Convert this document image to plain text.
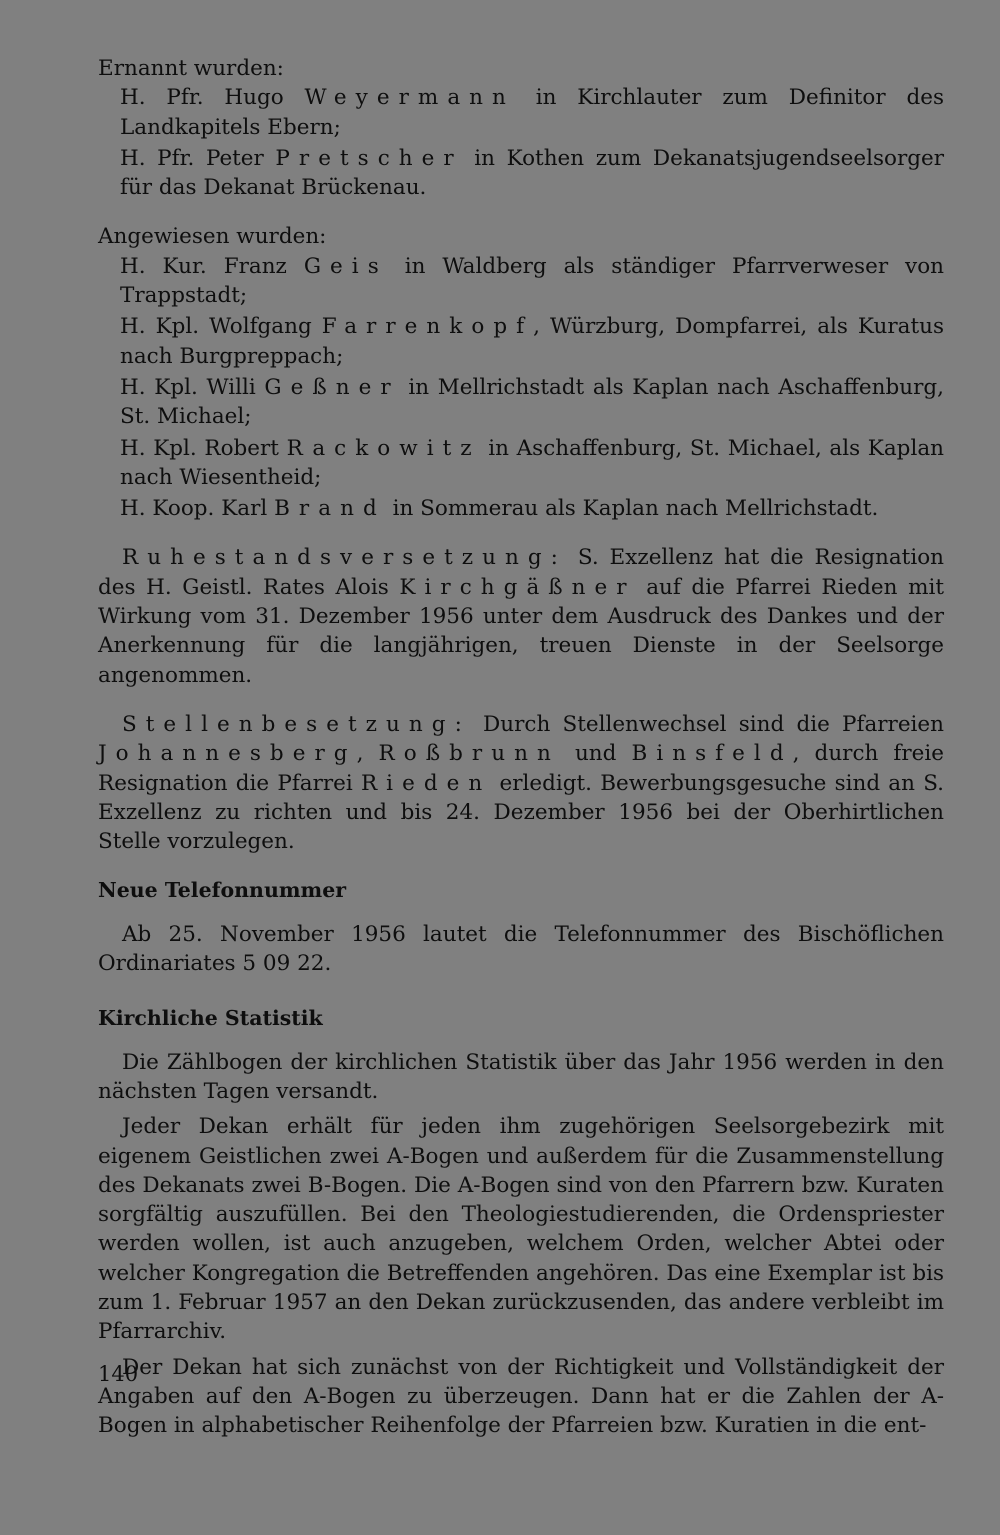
Ernannt wurden:

H. Pfr. Hugo Weyermann in Kirchlauter zum Definitor des Landkapitels Ebern;

H. Pfr. Peter Pretscher in Kothen zum Dekanatsjugendseelsorger für das Dekanat Brückenau.

Angewiesen wurden:

H. Kur. Franz Geis in Waldberg als ständiger Pfarrverweser von Trappstadt;

H. Kpl. Wolfgang Farrenkopf, Würzburg, Dompfarrei, als Kuratus nach Burgpreppach;

H. Kpl. Willi Geßner in Mellrichstadt als Kaplan nach Aschaffenburg, St. Michael;

H. Kpl. Robert Rackowitz in Aschaffenburg, St. Michael, als Kaplan nach Wiesentheid;

H. Koop. Karl Brand in Sommerau als Kaplan nach Mellrichstadt.

Ruhestandsversetzung: S. Exzellenz hat die Resignation des H. Geistl. Rates Alois Kirchgäßner auf die Pfarrei Rieden mit Wirkung vom 31. Dezember 1956 unter dem Ausdruck des Dankes und der Anerkennung für die langjährigen, treuen Dienste in der Seelsorge angenommen.

Stellenbesetzung: Durch Stellenwechsel sind die Pfarreien Johannesberg, Roßbrunn und Binsfeld, durch freie Resignation die Pfarrei Rieden erledigt. Bewerbungsgesuche sind an S. Exzellenz zu richten und bis 24. Dezember 1956 bei der Oberhirtlichen Stelle vorzulegen.

Neue Telefonnummer

Ab 25. November 1956 lautet die Telefonnummer des Bischöflichen Ordinariates 5 09 22.

Kirchliche Statistik

Die Zählbogen der kirchlichen Statistik über das Jahr 1956 werden in den nächsten Tagen versandt.

Jeder Dekan erhält für jeden ihm zugehörigen Seelsorgebezirk mit eigenem Geistlichen zwei A-Bogen und außerdem für die Zusammenstellung des Dekanats zwei B-Bogen. Die A-Bogen sind von den Pfarrern bzw. Kuraten sorgfältig auszufüllen. Bei den Theologiestudierenden, die Ordenspriester werden wollen, ist auch anzugeben, welchem Orden, welcher Abtei oder welcher Kongregation die Betreffenden angehören. Das eine Exemplar ist bis zum 1. Februar 1957 an den Dekan zurückzusenden, das andere verbleibt im Pfarrarchiv.

Der Dekan hat sich zunächst von der Richtigkeit und Vollständigkeit der Angaben auf den A-Bogen zu überzeugen. Dann hat er die Zahlen der A-Bogen in alphabetischer Reihenfolge der Pfarreien bzw. Kuratien in die ent-

140
